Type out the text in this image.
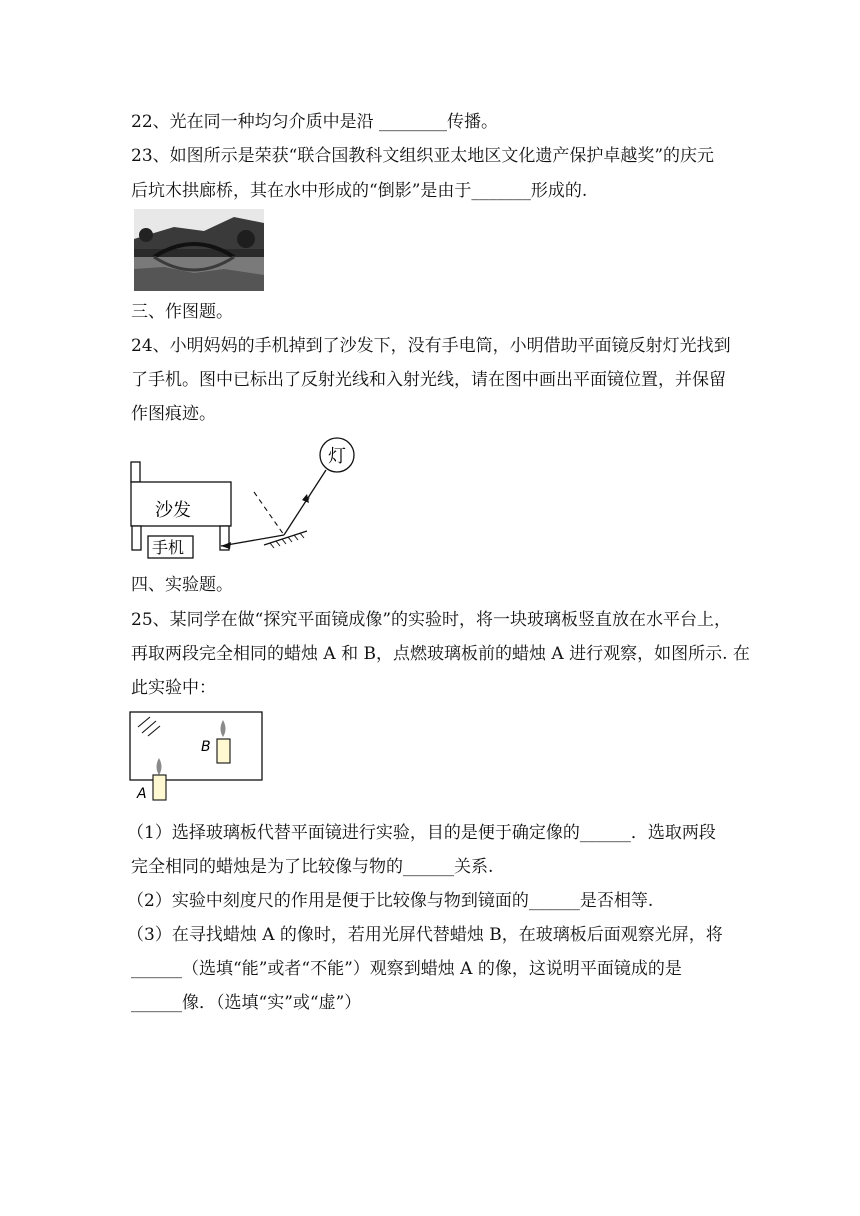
22、光在同一种均匀介质中是沿 ________传播。
23、如图所示是荣获“联合国教科文组织亚太地区文化遗产保护卓越奖”的庆元
后坑木拱廊桥，其在水中形成的“倒影”是由于_______形成的.
三、作图题。
24、小明妈妈的手机掉到了沙发下，没有手电筒，小明借助平面镜反射灯光找到
了手机。图中已标出了反射光线和入射光线，请在图中画出平面镜位置，并保留
作图痕迹。
沙发
手机
灯
四、实验题。
25、某同学在做“探究平面镜成像”的实验时，将一块玻璃板竖直放在水平台上，
再取两段完全相同的蜡烛 A 和 B，点燃玻璃板前的蜡烛 A 进行观察，如图所示. 在
此实验中：
B
A
（1）选择玻璃板代替平面镜进行实验，目的是便于确定像的______．选取两段
完全相同的蜡烛是为了比较像与物的______关系.
（2）实验中刻度尺的作用是便于比较像与物到镜面的______是否相等.
（3）在寻找蜡烛 A 的像时，若用光屏代替蜡烛 B，在玻璃板后面观察光屏，将
______（选填“能”或者“不能”）观察到蜡烛 A 的像，这说明平面镜成的是
______像．（选填“实”或“虚”）
